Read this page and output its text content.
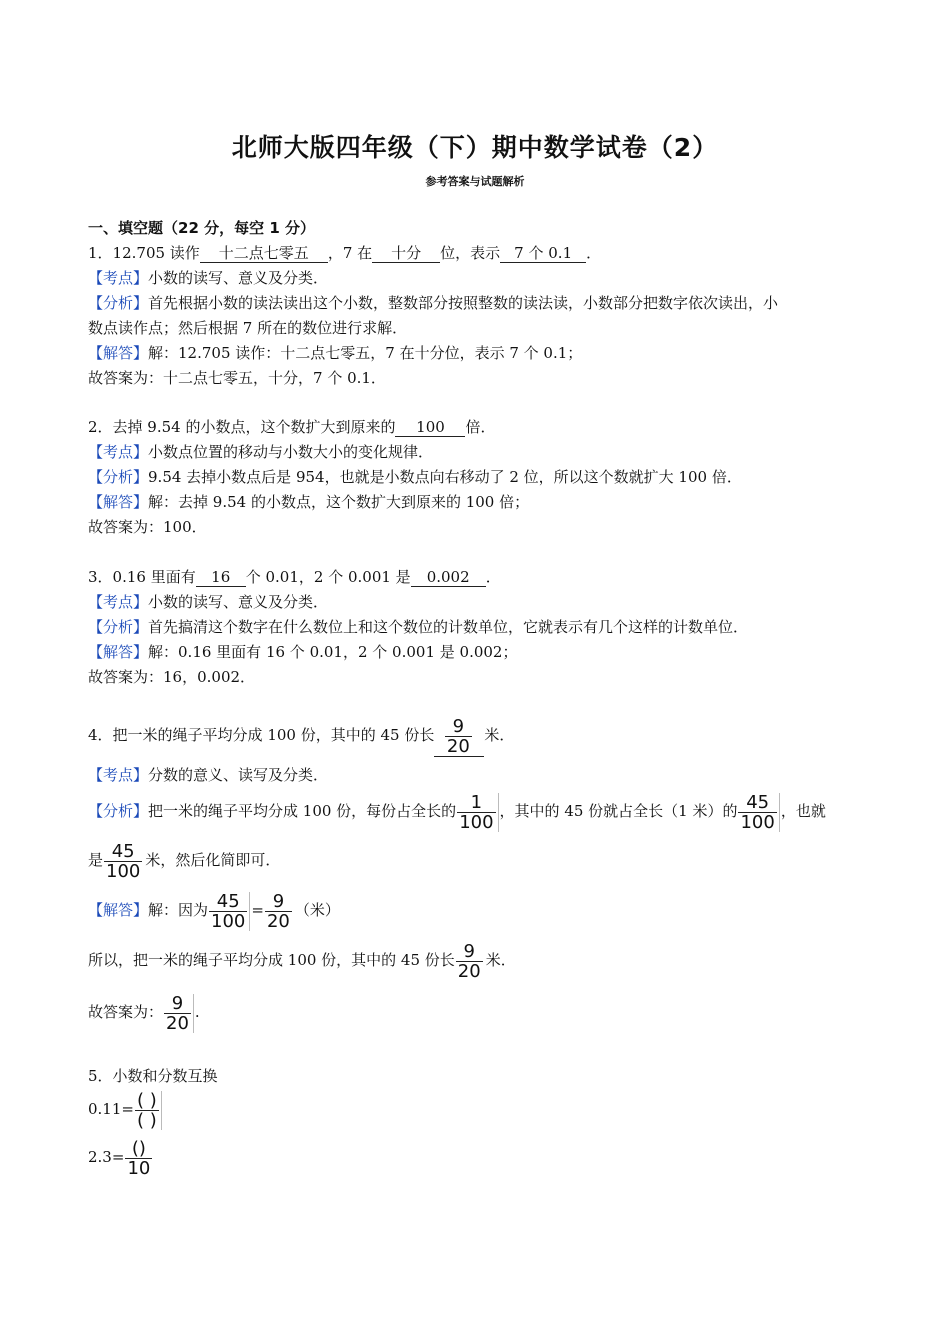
北师大版四年级（下）期中数学试卷（2）
参考答案与试题解析
一、填空题（22 分，每空 1 分）
1．12.705 读作 十二点七零五 ，7 在 十分 位，表示 7 个 0.1 ．
【考点】小数的读写、意义及分类．
【分析】首先根据小数的读法读出这个小数，整数部分按照整数的读法读，小数部分把数字依次读出，小
数点读作点；然后根据 7 所在的数位进行求解．
【解答】解：12.705 读作：十二点七零五，7 在十分位，表示 7 个 0.1；
故答案为：十二点七零五，十分，7 个 0.1．
2．去掉 9.54 的小数点，这个数扩大到原来的 100 倍．
【考点】小数点位置的移动与小数大小的变化规律．
【分析】9.54 去掉小数点后是 954，也就是小数点向右移动了 2 位，所以这个数就扩大 100 倍．
【解答】解：去掉 9.54 的小数点，这个数扩大到原来的 100 倍；
故答案为：100．
3．0.16 里面有 16 个 0.01，2 个 0.001 是 0.002 ．
【考点】小数的读写、意义及分类．
【分析】首先搞清这个数字在什么数位上和这个数位的计数单位，它就表示有几个这样的计数单位．
【解答】解：0.16 里面有 16 个 0.01，2 个 0.001 是 0.002；
故答案为：16，0.002．
4．把一米的绳子平均分成 100 份，其中的 45 份长 $\frac{9}{20}$ 米．
【考点】分数的意义、读写及分类．
【分析】把一米的绳子平均分成 100 份，每份占全长的 $\frac{1}{100}$ ，其中的 45 份就占全长（1 米）的 $\frac{45}{100}$ ，也就
是 $\frac{45}{100}$ 米，然后化简即可．
【解答】解：因为 $\frac{45}{100} = \frac{9}{20}$ （米）
所以，把一米的绳子平均分成 100 份，其中的 45 份长 $\frac{9}{20}$ 米．
故答案为： $\frac{9}{20}$ .
5．小数和分数互换
$0.11= \frac{( )}{( )}$
$2.3= \frac{()}{10}$
